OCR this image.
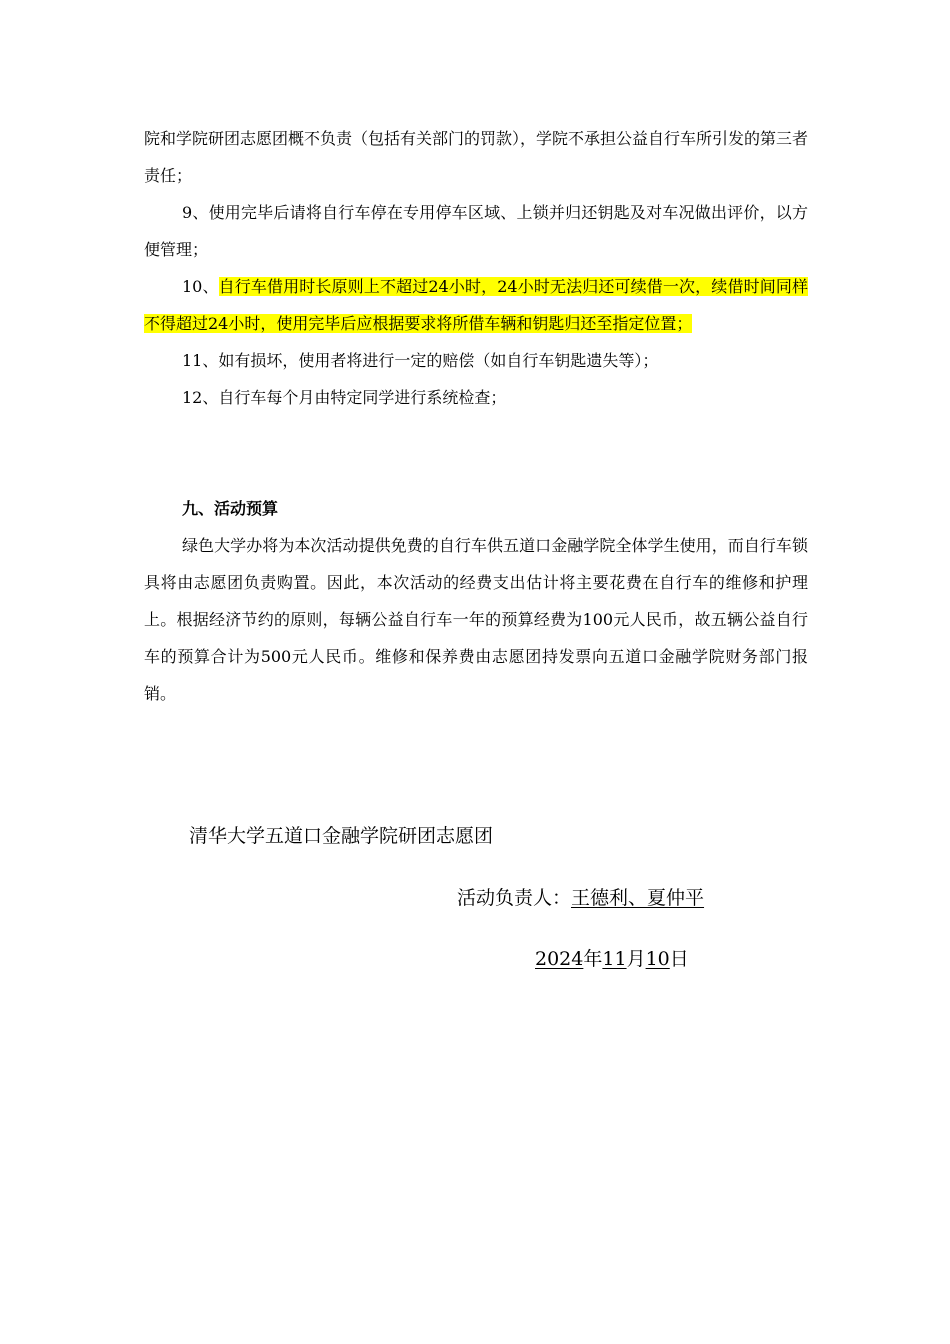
院和学院研团志愿团概不负责（包括有关部门的罚款），学院不承担公益自行车所引发的第三者责任；

9、使用完毕后请将自行车停在专用停车区域、上锁并归还钥匙及对车况做出评价，以方便管理；

10、自行车借用时长原则上不超过24小时，24小时无法归还可续借一次，续借时间同样不得超过24小时，使用完毕后应根据要求将所借车辆和钥匙归还至指定位置；

11、如有损坏，使用者将进行一定的赔偿（如自行车钥匙遗失等）；

12、自行车每个月由特定同学进行系统检查；

九、活动预算

绿色大学办将为本次活动提供免费的自行车供五道口金融学院全体学生使用，而自行车锁具将由志愿团负责购置。因此，本次活动的经费支出估计将主要花费在自行车的维修和护理上。根据经济节约的原则，每辆公益自行车一年的预算经费为100元人民币，故五辆公益自行车的预算合计为500元人民币。维修和保养费由志愿团持发票向五道口金融学院财务部门报销。

清华大学五道口金融学院研团志愿团
活动负责人：王德利、夏仲平
2024年11月10日
